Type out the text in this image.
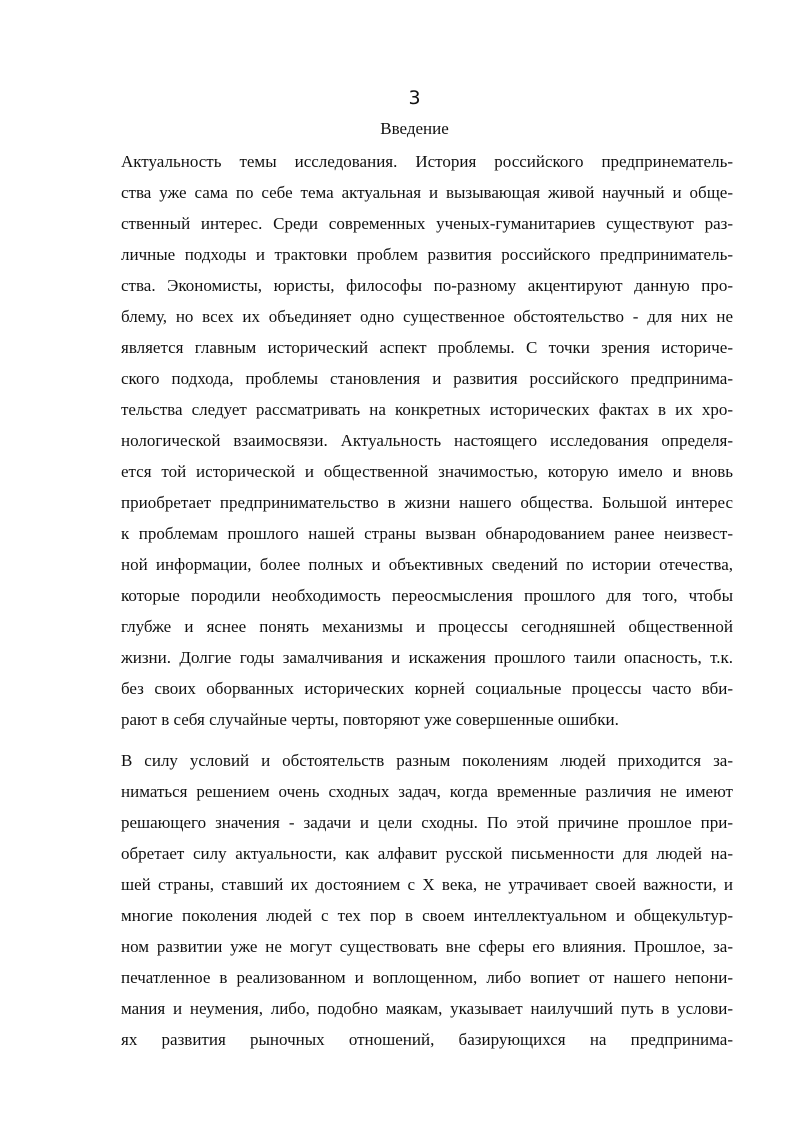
3
Введение
Актуальность темы исследования. История российского предпринематель-
ства уже сама по себе тема актуальная и вызывающая живой научный и обще-
ственный интерес. Среди современных ученых-гуманитариев существуют раз-
личные подходы и трактовки проблем развития российского предприниматель-
ства. Экономисты, юристы, философы по-разному акцентируют данную про-
блему, но всех их объединяет одно существенное обстоятельство - для них не
является главным исторический аспект проблемы. С точки зрения историче-
ского подхода, проблемы становления и развития российского предпринима-
тельства следует рассматривать на конкретных исторических фактах в их хро-
нологической взаимосвязи. Актуальность настоящего исследования определя-
ется той исторической и общественной значимостью, которую имело и вновь
приобретает предпринимательство в жизни нашего общества. Большой интерес
к проблемам прошлого нашей страны вызван обнародованием ранее неизвест-
ной информации, более полных и объективных сведений по истории отечества,
которые породили необходимость переосмысления прошлого для того, чтобы
глубже и яснее понять механизмы и процессы сегодняшней общественной
жизни. Долгие годы замалчивания и искажения прошлого таили опасность, т.к.
без своих оборванных исторических корней социальные процессы часто вби-
рают в себя случайные черты, повторяют уже совершенные ошибки.
В силу условий и обстоятельств разным поколениям людей приходится за-
ниматься решением очень сходных задач, когда временные различия не имеют
решающего значения - задачи и цели сходны. По этой причине прошлое при-
обретает силу актуальности, как алфавит русской письменности для людей на-
шей страны, ставший их достоянием с X века, не утрачивает своей важности, и
многие поколения людей с тех пор в своем интеллектуальном и общекультур-
ном развитии уже не могут существовать вне сферы его влияния. Прошлое, за-
печатленное в реализованном и воплощенном, либо вопиет от нашего непони-
мания и неумения, либо, подобно маякам, указывает наилучший путь в услови-
ях развития рыночных отношений, базирующихся на предпринима-
